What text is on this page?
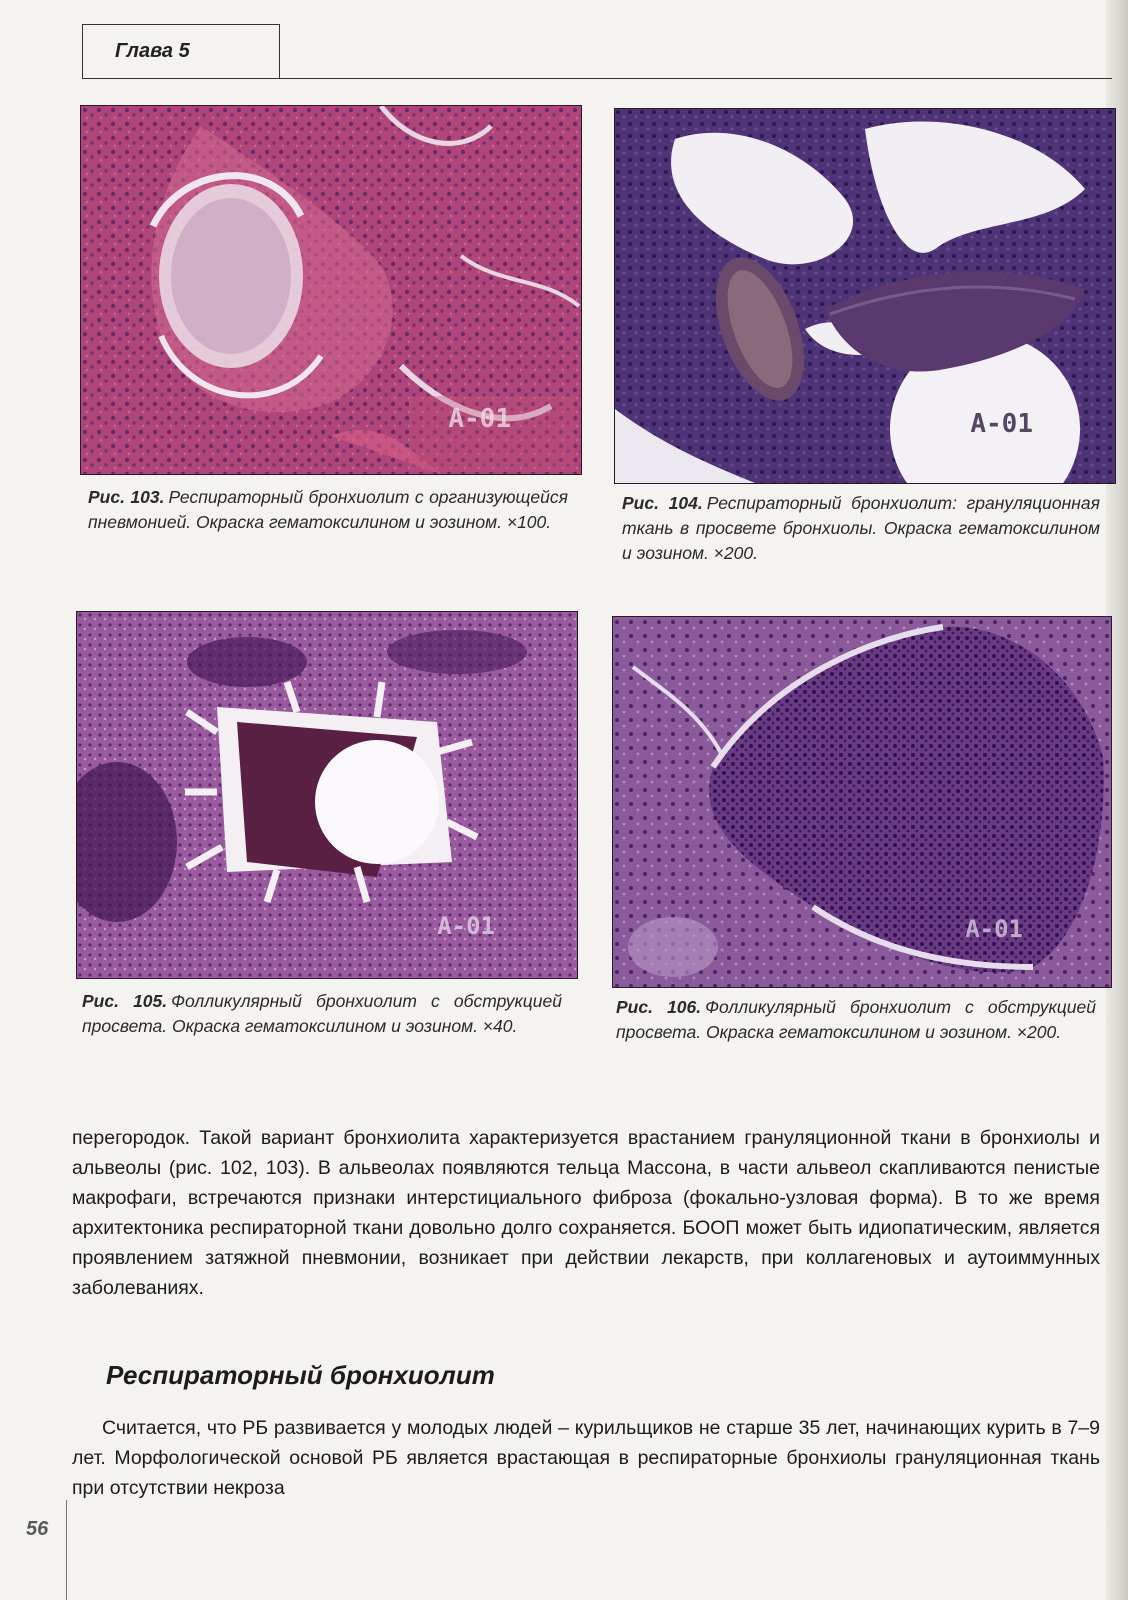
Глава 5
A-01
Рис. 103. Респираторный бронхиолит с организующейся пневмонией. Окраска гематоксилином и эозином. ×100.
A-01
Рис. 104. Респираторный бронхиолит: грануляционная ткань в просвете бронхиолы. Окраска гематоксилином и эозином. ×200.
A-01
Рис. 105. Фолликулярный бронхиолит с обструкцией просвета. Окраска гематоксилином и эозином. ×40.
A-01
Рис. 106. Фолликулярный бронхиолит с обструкцией просвета. Окраска гематоксилином и эозином. ×200.
перегородок. Такой вариант бронхиолита характеризуется врастанием грануляционной ткани в бронхиолы и альвеолы (рис. 102, 103). В альвеолах появляются тельца Массона, в части альвеол скапливаются пенистые макрофаги, встречаются признаки интерстициального фиброза (фокально-узловая форма). В то же время архитектоника респираторной ткани довольно долго сохраняется. БООП может быть идиопатическим, является проявлением затяжной пневмонии, возникает при действии лекарств, при коллагеновых и аутоиммунных заболеваниях.
Респираторный бронхиолит
Считается, что РБ развивается у молодых людей – курильщиков не старше 35 лет, начинающих курить в 7–9 лет. Морфологической основой РБ является врастающая в респираторные бронхиолы грануляционная ткань при отсутствии некроза
56
